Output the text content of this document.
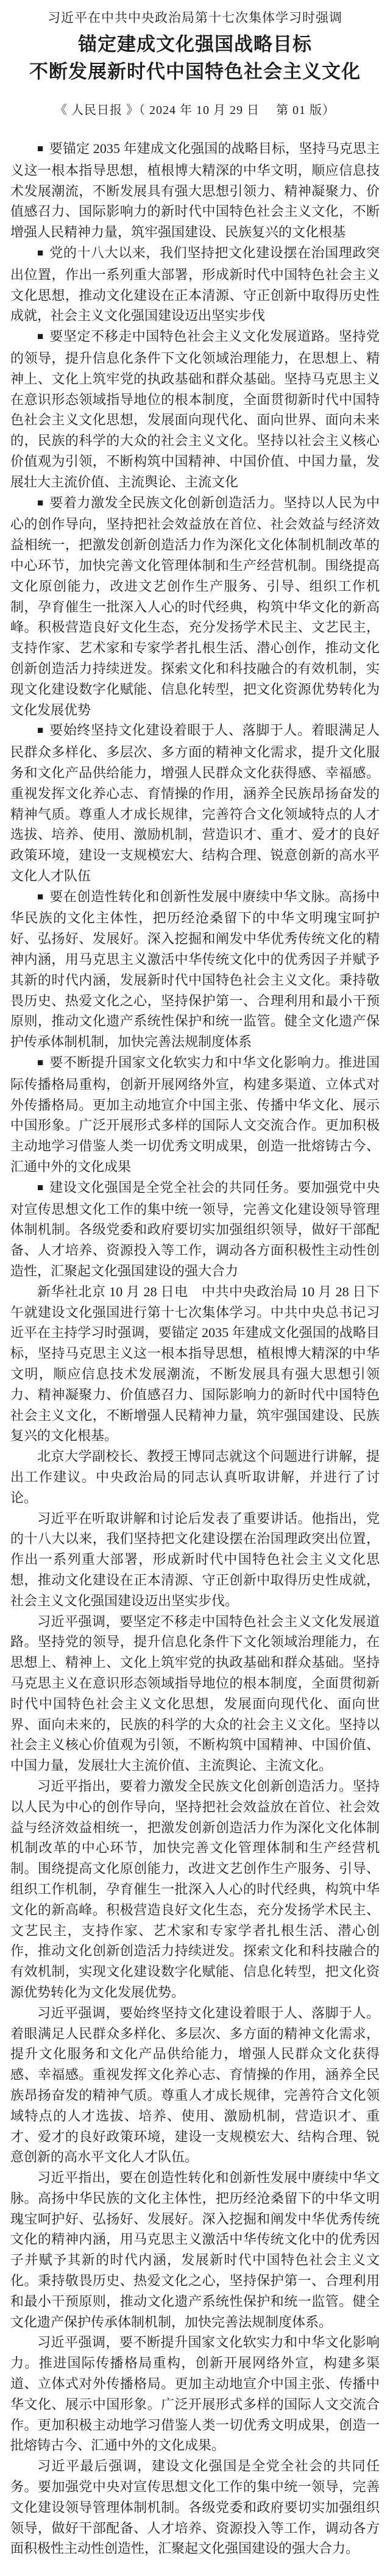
习近平在中共中央政治局第十七次集体学习时强调

锚定建成文化强国战略目标
不断发展新时代中国特色社会主义文化

《 人民日报 》（ 2024 年 10 月 29 日　 第 01 版）

■ 要锚定 2035 年建成文化强国的战略目标，坚持马克思主义这一根本指导思想，植根博大精深的中华文明，顺应信息技术发展潮流，不断发展具有强大思想引领力、精神凝聚力、价值感召力、国际影响力的新时代中国特色社会主义文化，不断增强人民精神力量，筑牢强国建设、民族复兴的文化根基

■ 党的十八大以来，我们坚持把文化建设摆在治国理政突出位置，作出一系列重大部署，形成新时代中国特色社会主义文化思想，推动文化建设在正本清源、守正创新中取得历史性成就，社会主义文化强国建设迈出坚实步伐

■ 要坚定不移走中国特色社会主义文化发展道路。坚持党的领导，提升信息化条件下文化领域治理能力，在思想上、精神上、文化上筑牢党的执政基础和群众基础。坚持马克思主义在意识形态领域指导地位的根本制度，全面贯彻新时代中国特色社会主义文化思想，发展面向现代化、面向世界、面向未来的，民族的科学的大众的社会主义文化。坚持以社会主义核心价值观为引领，不断构筑中国精神、中国价值、中国力量，发展壮大主流价值、主流舆论、主流文化

■ 要着力激发全民族文化创新创造活力。坚持以人民为中心的创作导向，坚持把社会效益放在首位、社会效益与经济效益相统一，把激发创新创造活力作为深化文化体制机制改革的中心环节，加快完善文化管理体制和生产经营机制。围绕提高文化原创能力，改进文艺创作生产服务、引导、组织工作机制，孕育催生一批深入人心的时代经典，构筑中华文化的新高峰。积极营造良好文化生态，充分发扬学术民主、文艺民主，支持作家、艺术家和专家学者扎根生活、潜心创作，推动文化创新创造活力持续迸发。探索文化和科技融合的有效机制，实现文化建设数字化赋能、信息化转型，把文化资源优势转化为文化发展优势

■ 要始终坚持文化建设着眼于人、落脚于人。着眼满足人民群众多样化、多层次、多方面的精神文化需求，提升文化服务和文化产品供给能力，增强人民群众文化获得感、幸福感。重视发挥文化养心志、育情操的作用，涵养全民族昂扬奋发的精神气质。尊重人才成长规律，完善符合文化领域特点的人才选拔、培养、使用、激励机制，营造识才、重才、爱才的良好政策环境，建设一支规模宏大、结构合理、锐意创新的高水平文化人才队伍

■ 要在创造性转化和创新性发展中赓续中华文脉。高扬中华民族的文化主体性，把历经沧桑留下的中华文明瑰宝呵护好、弘扬好、发展好。深入挖掘和阐发中华优秀传统文化的精神内涵，用马克思主义激活中华传统文化中的优秀因子并赋予其新的时代内涵，发展新时代中国特色社会主义文化。秉持敬畏历史、热爱文化之心，坚持保护第一、合理利用和最小干预原则，推动文化遗产系统性保护和统一监管。健全文化遗产保护传承体制机制，加快完善法规制度体系

■ 要不断提升国家文化软实力和中华文化影响力。推进国际传播格局重构，创新开展网络外宣，构建多渠道、立体式对外传播格局。更加主动地宣介中国主张、传播中华文化、展示中国形象。广泛开展形式多样的国际人文交流合作。更加积极主动地学习借鉴人类一切优秀文明成果，创造一批熔铸古今、汇通中外的文化成果

■ 建设文化强国是全党全社会的共同任务。要加强党中央对宣传思想文化工作的集中统一领导，完善文化建设领导管理体制机制。各级党委和政府要切实加强组织领导，做好干部配备、人才培养、资源投入等工作，调动各方面积极性主动性创造性，汇聚起文化强国建设的强大合力

新华社北京 10 月 28 日电　中共中央政治局 10 月 28 日下午就建设文化强国进行第十七次集体学习。中共中央总书记习近平在主持学习时强调，要锚定 2035 年建成文化强国的战略目标，坚持马克思主义这一根本指导思想，植根博大精深的中华文明，顺应信息技术发展潮流，不断发展具有强大思想引领力、精神凝聚力、价值感召力、国际影响力的新时代中国特色社会主义文化，不断增强人民精神力量，筑牢强国建设、民族复兴的文化根基。

北京大学副校长、教授王博同志就这个问题进行讲解，提出工作建议。中央政治局的同志认真听取讲解，并进行了讨论。

习近平在听取讲解和讨论后发表了重要讲话。他指出，党的十八大以来，我们坚持把文化建设摆在治国理政突出位置，作出一系列重大部署，形成新时代中国特色社会主义文化思想，推动文化建设在正本清源、守正创新中取得历史性成就，社会主义文化强国建设迈出坚实步伐。

习近平强调，要坚定不移走中国特色社会主义文化发展道路。坚持党的领导，提升信息化条件下文化领域治理能力，在思想上、精神上、文化上筑牢党的执政基础和群众基础。坚持马克思主义在意识形态领域指导地位的根本制度，全面贯彻新时代中国特色社会主义文化思想，发展面向现代化、面向世界、面向未来的，民族的科学的大众的社会主义文化。坚持以社会主义核心价值观为引领，不断构筑中国精神、中国价值、中国力量，发展壮大主流价值、主流舆论、主流文化。

习近平指出，要着力激发全民族文化创新创造活力。坚持以人民为中心的创作导向，坚持把社会效益放在首位、社会效益与经济效益相统一，把激发创新创造活力作为深化文化体制机制改革的中心环节，加快完善文化管理体制和生产经营机制。围绕提高文化原创能力，改进文艺创作生产服务、引导、组织工作机制，孕育催生一批深入人心的时代经典，构筑中华文化的新高峰。积极营造良好文化生态，充分发扬学术民主、文艺民主，支持作家、艺术家和专家学者扎根生活、潜心创作，推动文化创新创造活力持续迸发。探索文化和科技融合的有效机制，实现文化建设数字化赋能、信息化转型，把文化资源优势转化为文化发展优势。

习近平强调，要始终坚持文化建设着眼于人、落脚于人。着眼满足人民群众多样化、多层次、多方面的精神文化需求，提升文化服务和文化产品供给能力，增强人民群众文化获得感、幸福感。重视发挥文化养心志、育情操的作用，涵养全民族昂扬奋发的精神气质。尊重人才成长规律，完善符合文化领域特点的人才选拔、培养、使用、激励机制，营造识才、重才、爱才的良好政策环境，建设一支规模宏大、结构合理、锐意创新的高水平文化人才队伍。

习近平指出，要在创造性转化和创新性发展中赓续中华文脉。高扬中华民族的文化主体性，把历经沧桑留下的中华文明瑰宝呵护好、弘扬好、发展好。深入挖掘和阐发中华优秀传统文化的精神内涵，用马克思主义激活中华传统文化中的优秀因子并赋予其新的时代内涵，发展新时代中国特色社会主义文化。秉持敬畏历史、热爱文化之心，坚持保护第一、合理利用和最小干预原则，推动文化遗产系统性保护和统一监管。健全文化遗产保护传承体制机制，加快完善法规制度体系。

习近平强调，要不断提升国家文化软实力和中华文化影响力。推进国际传播格局重构，创新开展网络外宣，构建多渠道、立体式对外传播格局。更加主动地宣介中国主张、传播中华文化、展示中国形象。广泛开展形式多样的国际人文交流合作。更加积极主动地学习借鉴人类一切优秀文明成果，创造一批熔铸古今、汇通中外的文化成果。

习近平最后强调，建设文化强国是全党全社会的共同任务。要加强党中央对宣传思想文化工作的集中统一领导，完善文化建设领导管理体制机制。各级党委和政府要切实加强组织领导，做好干部配备、人才培养、资源投入等工作，调动各方面积极性主动性创造性，汇聚起文化强国建设的强大合力。
